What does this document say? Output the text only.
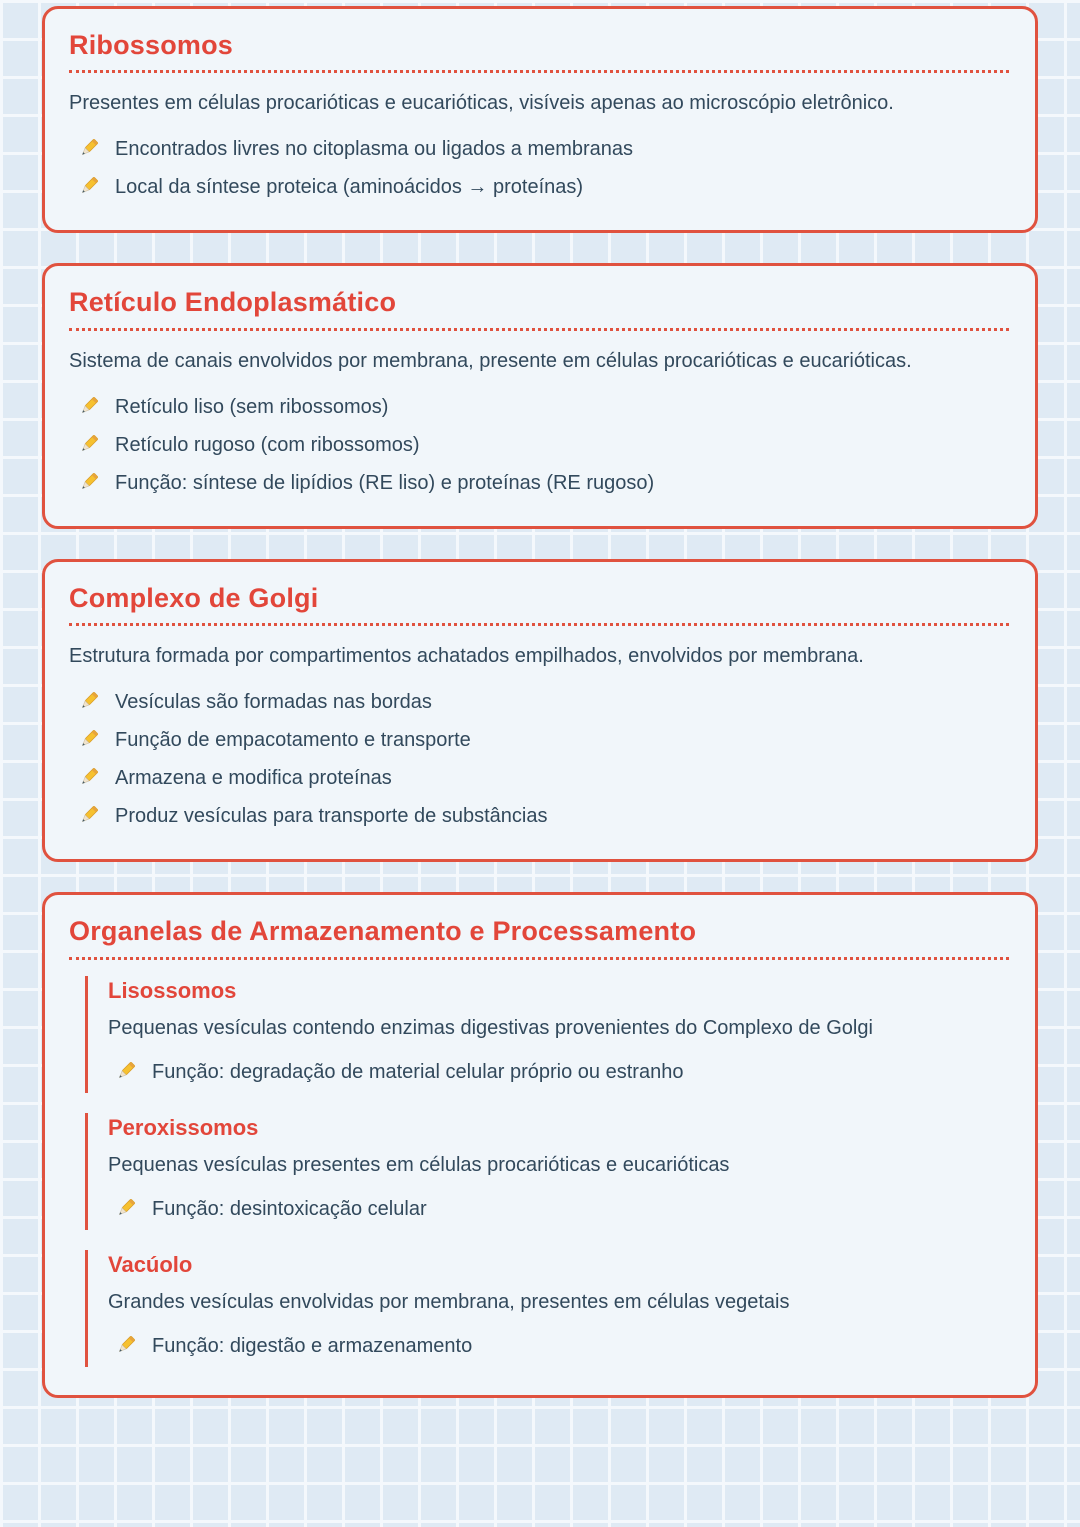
Ribossomos

Presentes em células procarióticas e eucarióticas, visíveis apenas ao microscópio eletrônico.

Encontrados livres no citoplasma ou ligados a membranas
Local da síntese proteica (aminoácidos → proteínas)
Retículo Endoplasmático

Sistema de canais envolvidos por membrana, presente em células procarióticas e eucarióticas.

Retículo liso (sem ribossomos)
Retículo rugoso (com ribossomos)
Função: síntese de lipídios (RE liso) e proteínas (RE rugoso)
Complexo de Golgi

Estrutura formada por compartimentos achatados empilhados, envolvidos por membrana.

Vesículas são formadas nas bordas
Função de empacotamento e transporte
Armazena e modifica proteínas
Produz vesículas para transporte de substâncias
Organelas de Armazenamento e Processamento
Lisossomos

Pequenas vesículas contendo enzimas digestivas provenientes do Complexo de Golgi

Função: degradação de material celular próprio ou estranho
Peroxissomos

Pequenas vesículas presentes em células procarióticas e eucarióticas

Função: desintoxicação celular
Vacúolo

Grandes vesículas envolvidas por membrana, presentes em células vegetais

Função: digestão e armazenamento
